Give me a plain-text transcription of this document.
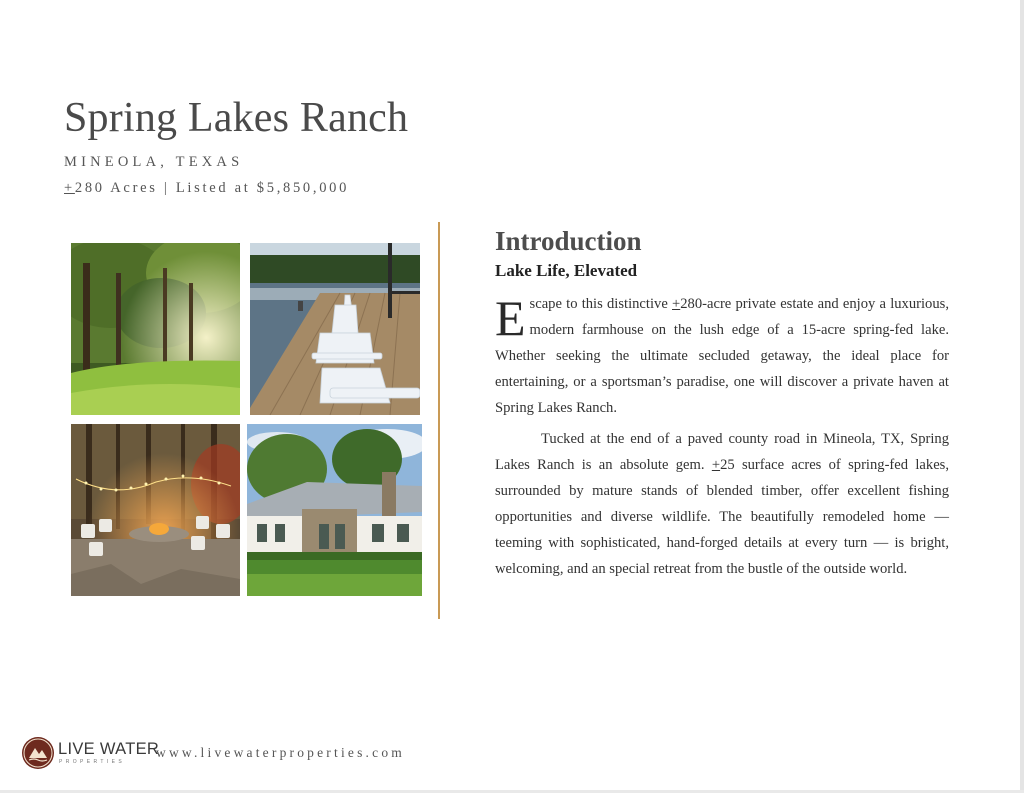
Spring Lakes Ranch
MINEOLA, TEXAS
+280 Acres | Listed at $5,850,000
Introduction
Lake Life, Elevated

Escape to this distinctive +280-acre private estate and enjoy a luxurious, modern farmhouse on the lush edge of a 15-acre spring-fed lake. Whether seeking the ultimate secluded getaway, the ideal place for entertaining, or a sportsman’s paradise, one will discover a private haven at Spring Lakes Ranch.

Tucked at the end of a paved county road in Mineola, TX, Spring Lakes Ranch is an absolute gem. +25 surface acres of spring-fed lakes, surrounded by mature stands of blended timber, offer excellent fishing opportunities and diverse wildlife. The beautifully remodeled home — teeming with sophisticated, hand-forged details at every turn — is bright, welcoming, and an special retreat from the bustle of the outside world.

LIVE WATER
PROPERTIES
www.livewaterproperties.com
